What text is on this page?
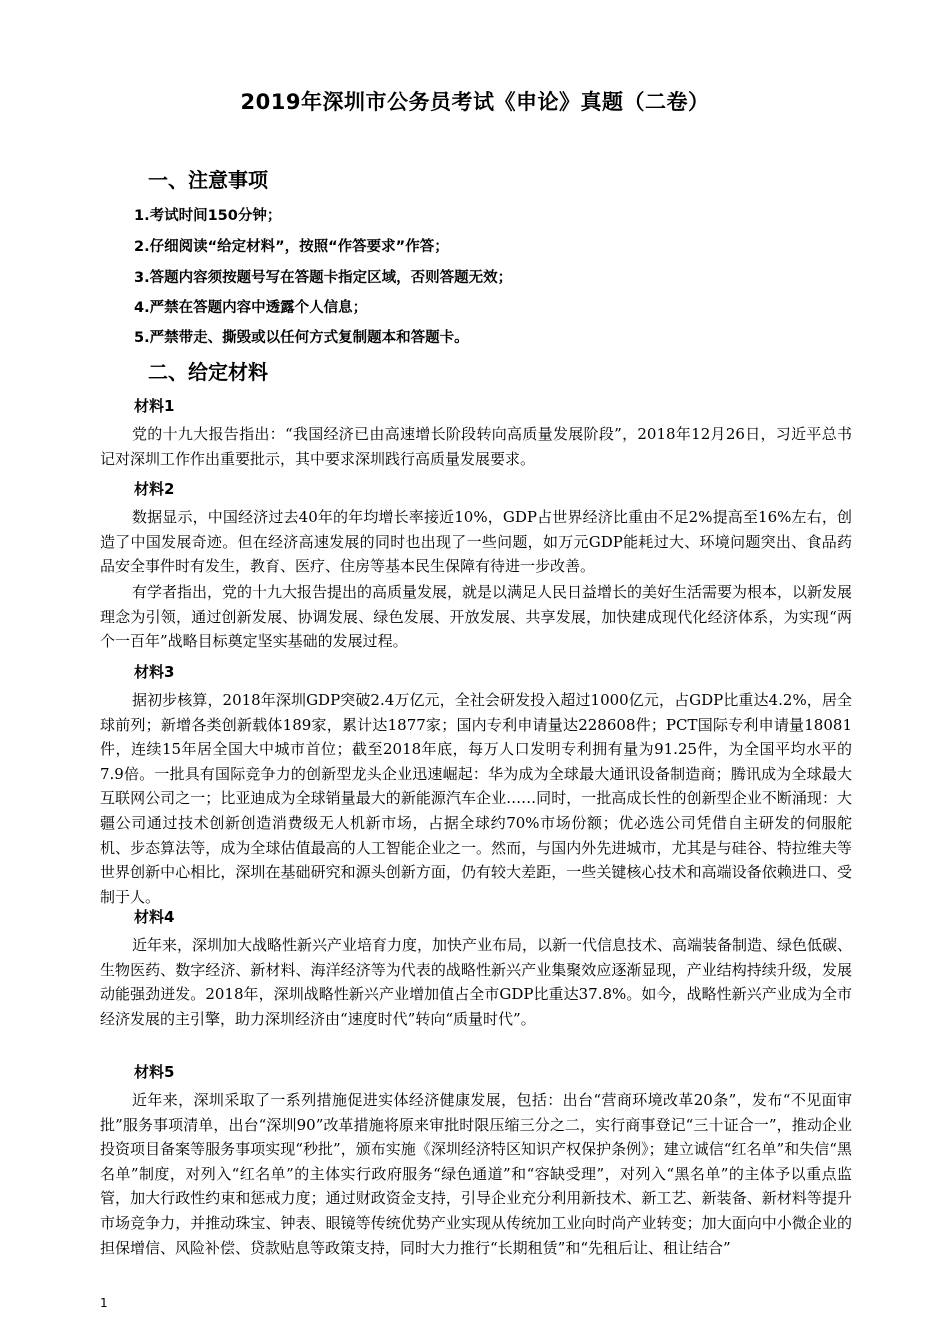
2019年深圳市公务员考试《申论》真题（二卷）
一、注意事项
1.考试时间150分钟；
2.仔细阅读“给定材料”，按照“作答要求”作答；
3.答题内容须按题号写在答题卡指定区域，否则答题无效；
4.严禁在答题内容中透露个人信息；
5.严禁带走、撕毁或以任何方式复制题本和答题卡。
二、给定材料
材料1

党的十九大报告指出：“我国经济已由高速增长阶段转向高质量发展阶段”，2018年12月26日，习近平总书记对深圳工作作出重要批示，其中要求深圳践行高质量发展要求。

材料2

数据显示，中国经济过去40年的年均增长率接近10%，GDP占世界经济比重由不足2%提高至16%左右，创造了中国发展奇迹。但在经济高速发展的同时也出现了一些问题，如万元GDP能耗过大、环境问题突出、食品药品安全事件时有发生，教育、医疗、住房等基本民生保障有待进一步改善。

有学者指出，党的十九大报告提出的高质量发展，就是以满足人民日益增长的美好生活需要为根本，以新发展理念为引领，通过创新发展、协调发展、绿色发展、开放发展、共享发展，加快建成现代化经济体系，为实现“两个一百年”战略目标奠定坚实基础的发展过程。

材料3

据初步核算，2018年深圳GDP突破2.4万亿元，全社会研发投入超过1000亿元，占GDP比重达4.2%，居全球前列；新增各类创新载体189家，累计达1877家；国内专利申请量达228608件；PCT国际专利申请量18081件，连续15年居全国大中城市首位；截至2018年底，每万人口发明专利拥有量为91.25件，为全国平均水平的7.9倍。一批具有国际竞争力的创新型龙头企业迅速崛起：华为成为全球最大通讯设备制造商；腾讯成为全球最大互联网公司之一；比亚迪成为全球销量最大的新能源汽车企业……同时，一批高成长性的创新型企业不断涌现：大疆公司通过技术创新创造消费级无人机新市场，占据全球约70%市场份额；优必选公司凭借自主研发的伺服舵机、步态算法等，成为全球估值最高的人工智能企业之一。然而，与国内外先进城市，尤其是与硅谷、特拉维夫等世界创新中心相比，深圳在基础研究和源头创新方面，仍有较大差距，一些关键核心技术和高端设备依赖进口、受制于人。

材料4

近年来，深圳加大战略性新兴产业培育力度，加快产业布局，以新一代信息技术、高端装备制造、绿色低碳、生物医药、数字经济、新材料、海洋经济等为代表的战略性新兴产业集聚效应逐渐显现，产业结构持续升级，发展动能强劲迸发。2018年，深圳战略性新兴产业增加值占全市GDP比重达37.8%。如今，战略性新兴产业成为全市经济发展的主引擎，助力深圳经济由“速度时代”转向“质量时代”。

材料5

近年来，深圳采取了一系列措施促进实体经济健康发展，包括：出台“营商环境改革20条”，发布“不见面审批”服务事项清单，出台“深圳90”改革措施将原来审批时限压缩三分之二，实行商事登记“三十证合一”，推动企业投资项目备案等服务事项实现“秒批”，颁布实施《深圳经济特区知识产权保护条例》；建立诚信“红名单”和失信“黑名单”制度，对列入“红名单”的主体实行政府服务“绿色通道”和“容缺受理”，对列入“黑名单”的主体予以重点监管，加大行政性约束和惩戒力度；通过财政资金支持，引导企业充分利用新技术、新工艺、新装备、新材料等提升市场竞争力，并推动珠宝、钟表、眼镜等传统优势产业实现从传统加工业向时尚产业转变；加大面向中小微企业的担保增信、风险补偿、贷款贴息等政策支持，同时大力推行“长期租赁”和“先租后让、租让结合”

1
